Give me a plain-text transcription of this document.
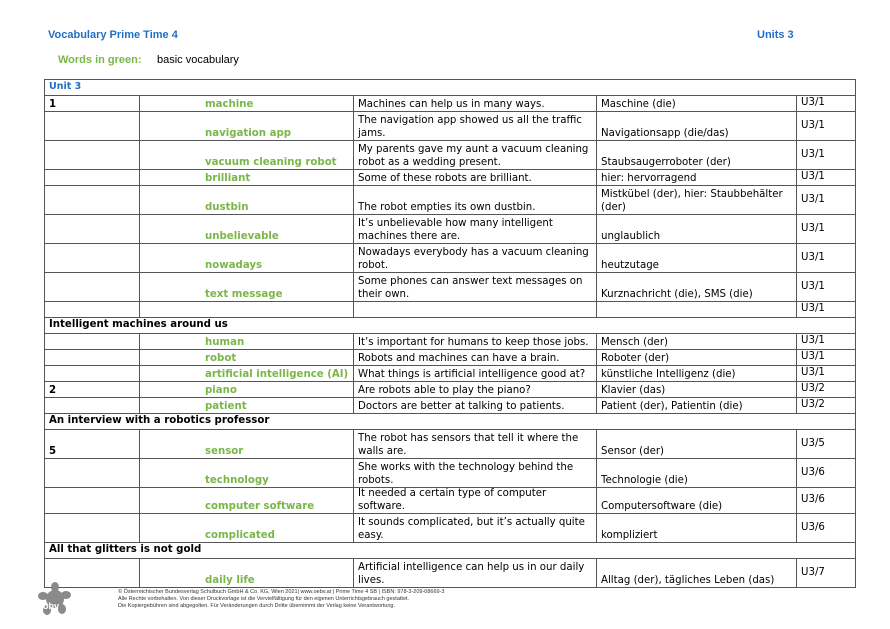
Vocabulary Prime Time 4	Units 3
Words in green: basic vocabulary
Unit 3				
1	machine	Machines can help us in many ways.	Maschine (die)	U3/1
	navigation app	The navigation app showed us all the traffic jams.	Navigationsapp (die/das)	U3/1
	vacuum cleaning robot	My parents gave my aunt a vacuum cleaning robot as a wedding present.	Staubsaugerroboter (der)	U3/1
	brilliant	Some of these robots are brilliant.	hier: hervorragend	U3/1
	dustbin	The robot empties its own dustbin.	Mistkübel (der), hier: Staubbehälter (der)	U3/1
	unbelievable	It’s unbelievable how many intelligent machines there are.	unglaublich	U3/1
	nowadays	Nowadays everybody has a vacuum cleaning robot.	heutzutage	U3/1
	text message	Some phones can answer text messages on their own.	Kurznachricht (die), SMS (die)	U3/1
				U3/1
Intelligent machines around us				
	human	It’s important for humans to keep those jobs.	Mensch (der)	U3/1
	robot	Robots and machines can have a brain.	Roboter (der)	U3/1
	artificial intelligence (AI)	What things is artificial intelligence good at?	künstliche Intelligenz (die)	U3/1
2	piano	Are robots able to play the piano?	Klavier (das)	U3/2
	patient	Doctors are better at talking to patients.	Patient (der), Patientin (die)	U3/2
An interview with a robotics professor				
5	sensor	The robot has sensors that tell it where the walls are.	Sensor (der)	U3/5
	technology	She works with the technology behind the robots.	Technologie (die)	U3/6
	computer software	It needed a certain type of computer software.	Computersoftware (die)	U3/6
	complicated	It sounds complicated, but it’s actually quite easy.	kompliziert	U3/6
All that glitters is not gold				
	daily life	Artificial intelligence can help us in our daily lives.	Alltag (der), tägliches Leben (das)	U3/7
öbv
© Österreichischer Bundesverlag Schulbuch GmbH & Co. KG, Wien 2021| www.oebv.at | Prime Time 4 SB | ISBN: 978-3-209-08669-3
Alle Rechte vorbehalten. Von dieser Druckvorlage ist die Vervielfältigung für den eigenen Unterrichtsgebrauch gestattet.
Die Kopiergebühren sind abgegolten. Für Veränderungen durch Dritte übernimmt der Verlag keine Verantwortung.
